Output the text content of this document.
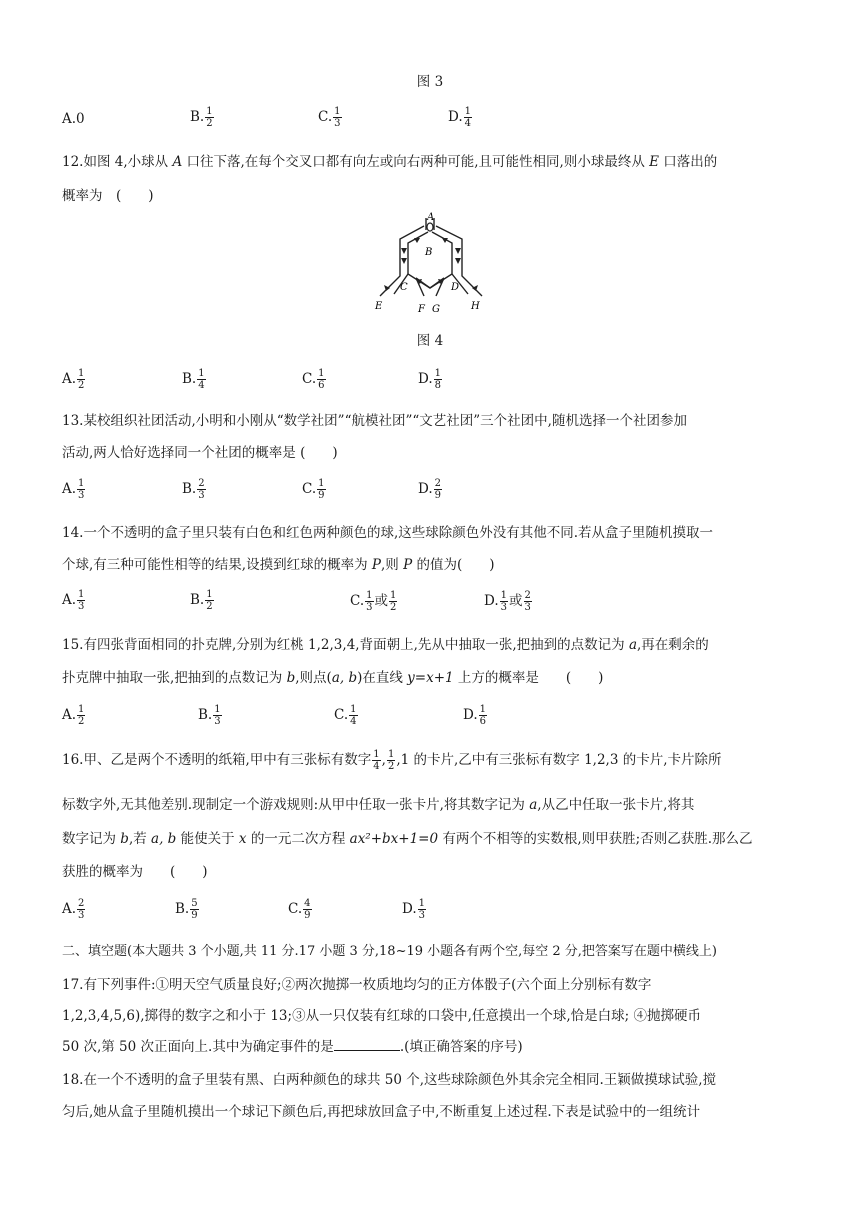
图 3
A.0	B. $\frac{1}{2}$	C. $\frac{1}{3}$	D. $\frac{1}{4}$
12.如图 4,小球从 A 口往下落,在每个交叉口都有向左或向右两种可能,且可能性相同,则小球最终从 E 口落出的
概率为　(　　)
A
B
C	D
E	F G	H
图 4
A. $\frac{1}{2}$	B. $\frac{1}{4}$	C. $\frac{1}{6}$	D. $\frac{1}{8}$
13.某校组织社团活动,小明和小刚从“数学社团”“航模社团”“文艺社团”三个社团中,随机选择一个社团参加
活动,两人恰好选择同一个社团的概率是 (　　)
A. $\frac{1}{3}$	B. $\frac{2}{3}$	C. $\frac{1}{9}$	D. $\frac{2}{9}$
14.一个不透明的盒子里只装有白色和红色两种颜色的球,这些球除颜色外没有其他不同.若从盒子里随机摸取一
个球,有三种可能性相等的结果,设摸到红球的概率为 P,则 P 的值为(　　)
A. $\frac{1}{3}$	B. $\frac{1}{2}$	C. $\frac{1}{3}$ 或 $\frac{1}{2}$	D. $\frac{1}{3}$ 或 $\frac{2}{3}$
15.有四张背面相同的扑克牌,分别为红桃 1,2,3,4,背面朝上,先从中抽取一张,把抽到的点数记为 a,再在剩余的
扑克牌中抽取一张,把抽到的点数记为 b,则点(a, b)在直线 y=x+1 上方的概率是　　(　　)
A. $\frac{1}{2}$	B. $\frac{1}{3}$	C. $\frac{1}{4}$	D. $\frac{1}{6}$
16.甲、乙是两个不透明的纸箱,甲中有三张标有数字 $\frac{1}{4}$ , $\frac{1}{2} ,1$ 的卡片,乙中有三张标有数字 1,2,3 的卡片,卡片除所
标数字外,无其他差别.现制定一个游戏规则:从甲中任取一张卡片,将其数字记为 a,从乙中任取一张卡片,将其
数字记为 b,若 a, b 能使关于 x 的一元二次方程 ax²+bx+1=0 有两个不相等的实数根,则甲获胜;否则乙获胜.那么乙
获胜的概率为　　(　　)
A. $\frac{2}{3}$	B. $\frac{5}{9}$	C. $\frac{4}{9}$	D. $\frac{1}{3}$
二、填空题(本大题共 3 个小题,共 11 分.17 小题 3 分,18~19 小题各有两个空,每空 2 分,把答案写在题中横线上)
17.有下列事件:①明天空气质量良好;②两次抛掷一枚质地均匀的正方体骰子(六个面上分别标有数字
1,2,3,4,5,6),掷得的数字之和小于 13;③从一只仅装有红球的口袋中,任意摸出一个球,恰是白球; ④抛掷硬币
50 次,第 50 次正面向上.其中为确定事件的是	.(填正确答案的序号)
18.在一个不透明的盒子里装有黑、白两种颜色的球共 50 个,这些球除颜色外其余完全相同.王颖做摸球试验,搅
匀后,她从盒子里随机摸出一个球记下颜色后,再把球放回盒子中,不断重复上述过程.下表是试验中的一组统计
